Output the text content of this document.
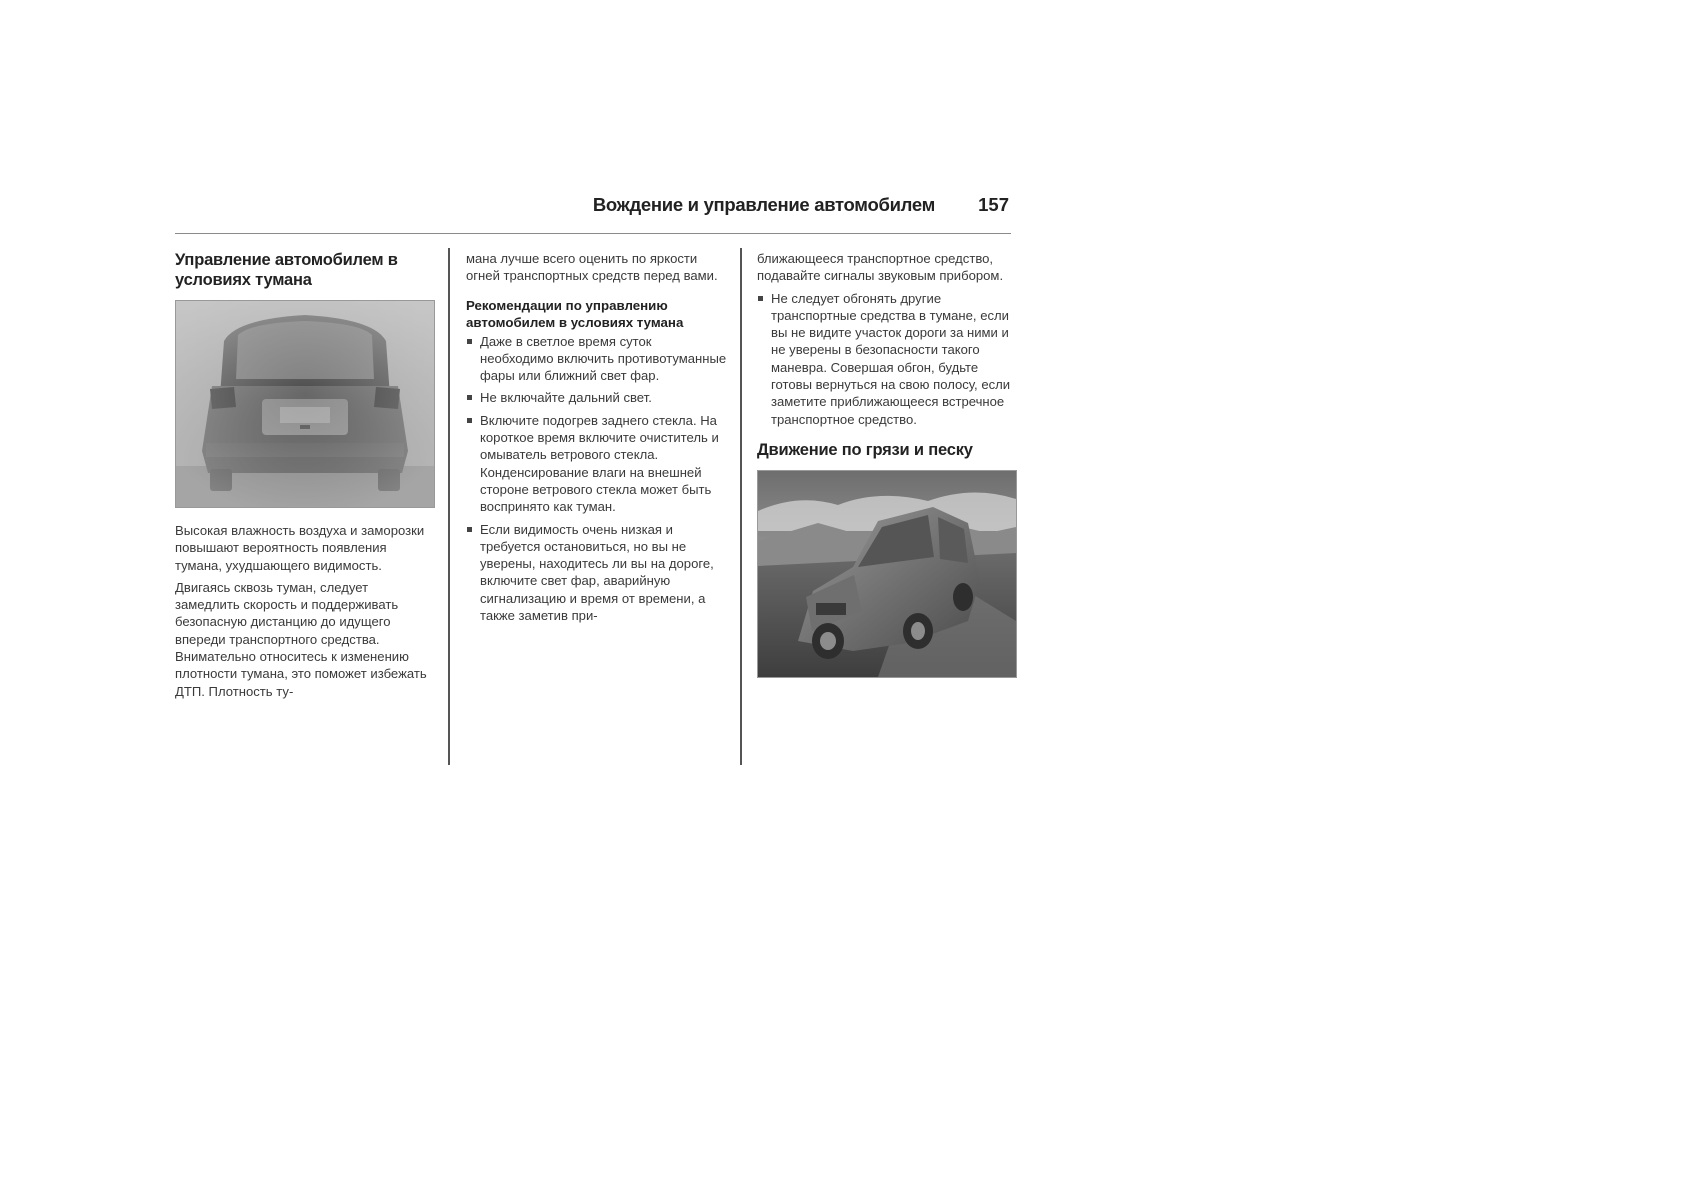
Вождение и управление автомобилем 157
Управление автомобилем в условиях тумана

Высокая влажность воздуха и заморозки повышают вероятность появления тумана, ухудшающего видимость.

Двигаясь сквозь туман, следует замедлить скорость и поддерживать безопасную дистанцию до идущего впереди транспортного средства. Внимательно относитесь к изменению плотности тумана, это поможет избежать ДТП. Плотность ту-

мана лучше всего оценить по яркости огней транспортных средств перед вами.

Рекомендации по управлению автомобилем в условиях тумана
Даже в светлое время суток необходимо включить противотуманные фары или ближний свет фар.
Не включайте дальний свет.
Включите подогрев заднего стекла. На короткое время включите очиститель и омыватель ветрового стекла. Конденсирование влаги на внешней стороне ветрового стекла может быть воспринято как туман.
Если видимость очень низкая и требуется остановиться, но вы не уверены, находитесь ли вы на дороге, включите свет фар, аварийную сигнализацию и время от времени, а также заметив при-

ближающееся транспортное средство, подавайте сигналы звуковым прибором.

Не следует обгонять другие транспортные средства в тумане, если вы не видите участок дороги за ними и не уверены в безопасности такого маневра. Совершая обгон, будьте готовы вернуться на свою полосу, если заметите приближающееся встречное транспортное средство.
Движение по грязи и песку
